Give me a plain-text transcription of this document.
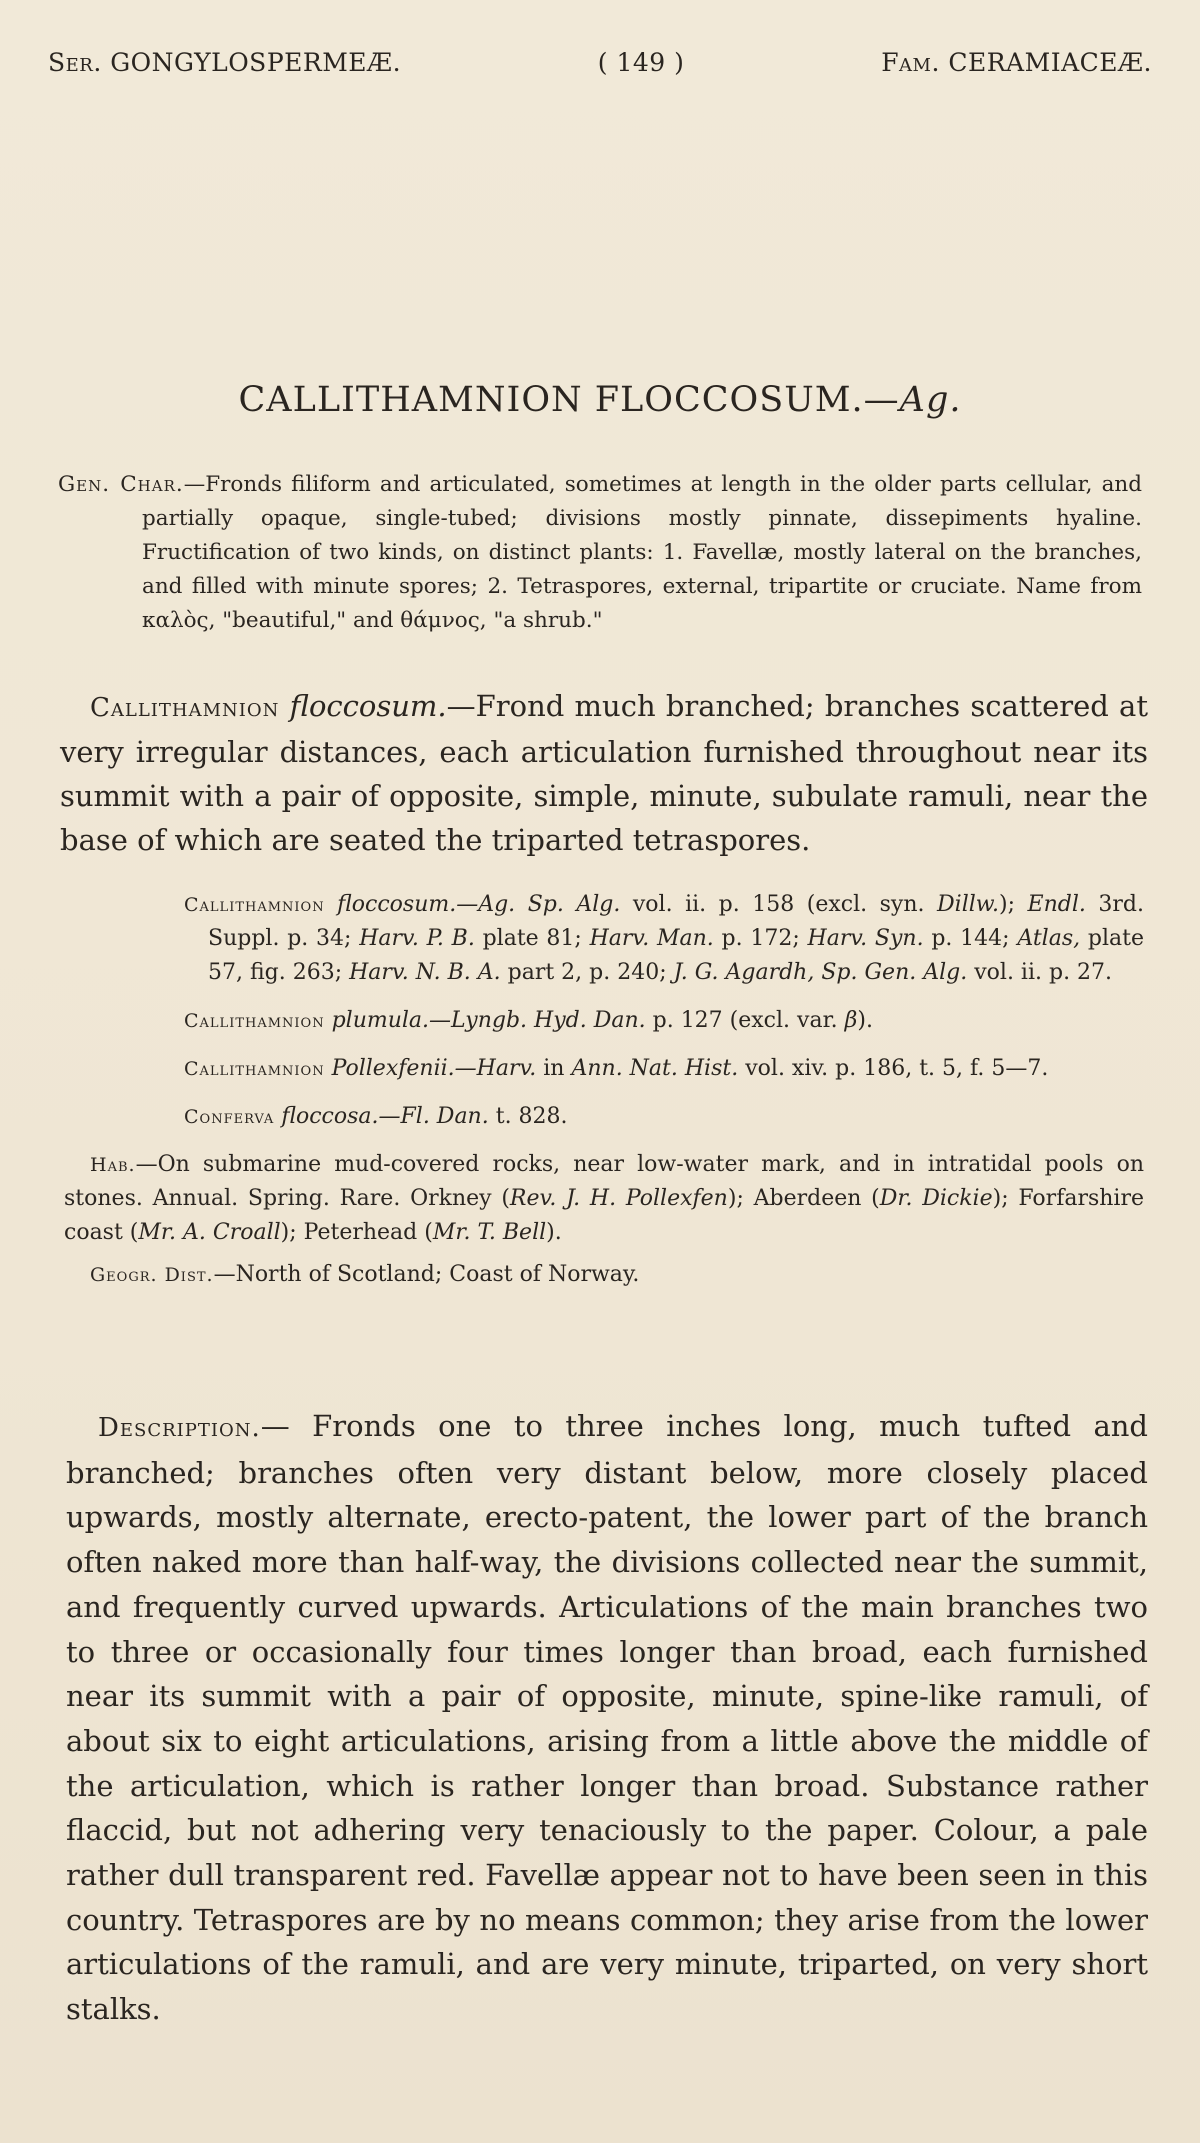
Ser. GONGYLOSPERMEÆ.	( 149 )	Fam. CERAMIACEÆ.
CALLITHAMNION FLOCCOSUM.—Ag.
Gen. Char.—Fronds filiform and articulated, sometimes at length in the older parts cellular, and partially opaque, single-tubed; divisions mostly pinnate, dissepiments hyaline. Fructification of two kinds, on distinct plants: 1. Favellæ, mostly lateral on the branches, and filled with minute spores; 2. Tetraspores, external, tripartite or cruciate. Name from καλὸς, "beautiful," and θάμνος, "a shrub."
Callithamnion floccosum.—Frond much branched; branches scattered at very irregular distances, each articulation furnished throughout near its summit with a pair of opposite, simple, minute, subulate ramuli, near the base of which are seated the triparted tetraspores.
Callithamnion floccosum.—Ag. Sp. Alg. vol. ii. p. 158 (excl. syn. Dillw.); Endl. 3rd. Suppl. p. 34; Harv. P. B. plate 81; Harv. Man. p. 172; Harv. Syn. p. 144; Atlas, plate 57, fig. 263; Harv. N. B. A. part 2, p. 240; J. G. Agardh, Sp. Gen. Alg. vol. ii. p. 27.
Callithamnion plumula.—Lyngb. Hyd. Dan. p. 127 (excl. var. β).
Callithamnion Pollexfenii.—Harv. in Ann. Nat. Hist. vol. xiv. p. 186, t. 5, f. 5—7.
Conferva floccosa.—Fl. Dan. t. 828.
Hab.—On submarine mud-covered rocks, near low-water mark, and in intratidal pools on stones. Annual. Spring. Rare. Orkney (Rev. J. H. Pollexfen); Aberdeen (Dr. Dickie); Forfarshire coast (Mr. A. Croall); Peterhead (Mr. T. Bell).
Geogr. Dist.—North of Scotland; Coast of Norway.
Description.— Fronds one to three inches long, much tufted and branched; branches often very distant below, more closely placed upwards, mostly alternate, erecto-patent, the lower part of the branch often naked more than half-way, the divisions collected near the summit, and frequently curved upwards. Articulations of the main branches two to three or occasionally four times longer than broad, each furnished near its summit with a pair of opposite, minute, spine-like ramuli, of about six to eight articulations, arising from a little above the middle of the articulation, which is rather longer than broad. Substance rather flaccid, but not adhering very tenaciously to the paper. Colour, a pale rather dull transparent red. Favellæ appear not to have been seen in this country. Tetraspores are by no means common; they arise from the lower articulations of the ramuli, and are very minute, triparted, on very short stalks.
